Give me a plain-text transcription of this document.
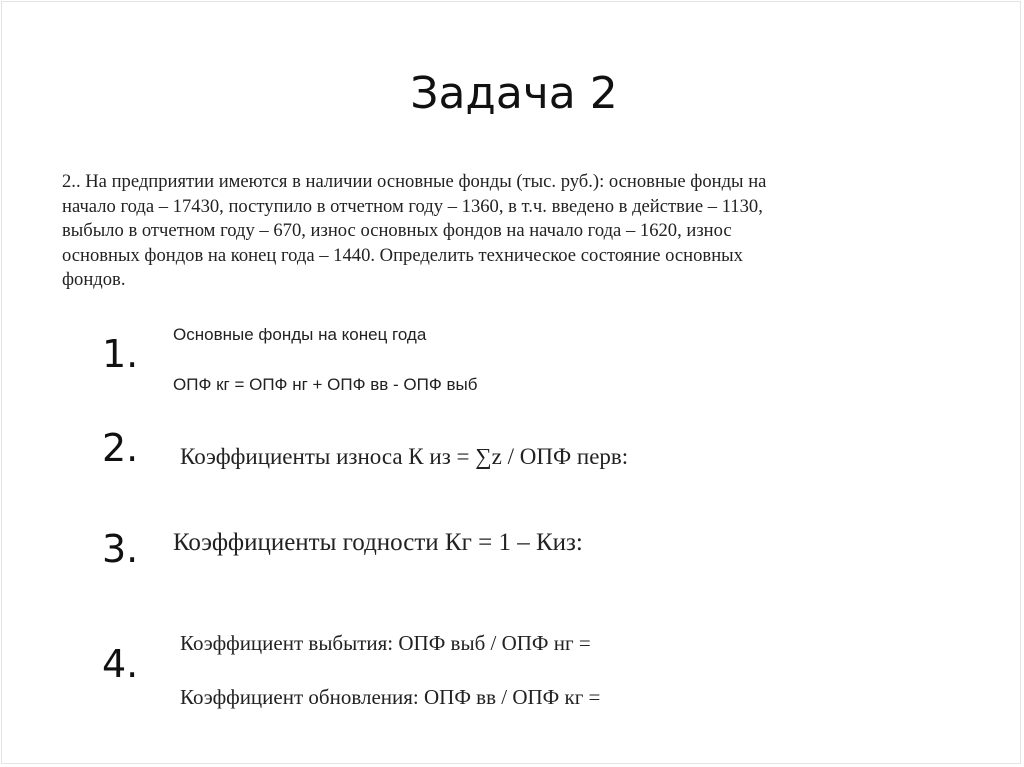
Задача 2
2.. На предприятии имеются в наличии основные фонды (тыс. руб.): основные фонды на
начало года – 17430, поступило в отчетном году – 1360, в т.ч. введено в действие – 1130,
выбыло в отчетном году – 670, износ основных фондов на начало года – 1620, износ
основных фондов на конец года – 1440. Определить техническое состояние основных
фондов.
1. Основные фонды на конец года
ОПФ кг = ОПФ нг + ОПФ вв - ОПФ выб
2. Коэффициенты износа К из = ∑z / ОПФ перв:
3. Коэффициенты годности Кг = 1 – Киз:
4. Коэффициент выбытия: ОПФ выб / ОПФ нг =
Коэффициент обновления: ОПФ вв / ОПФ кг =
